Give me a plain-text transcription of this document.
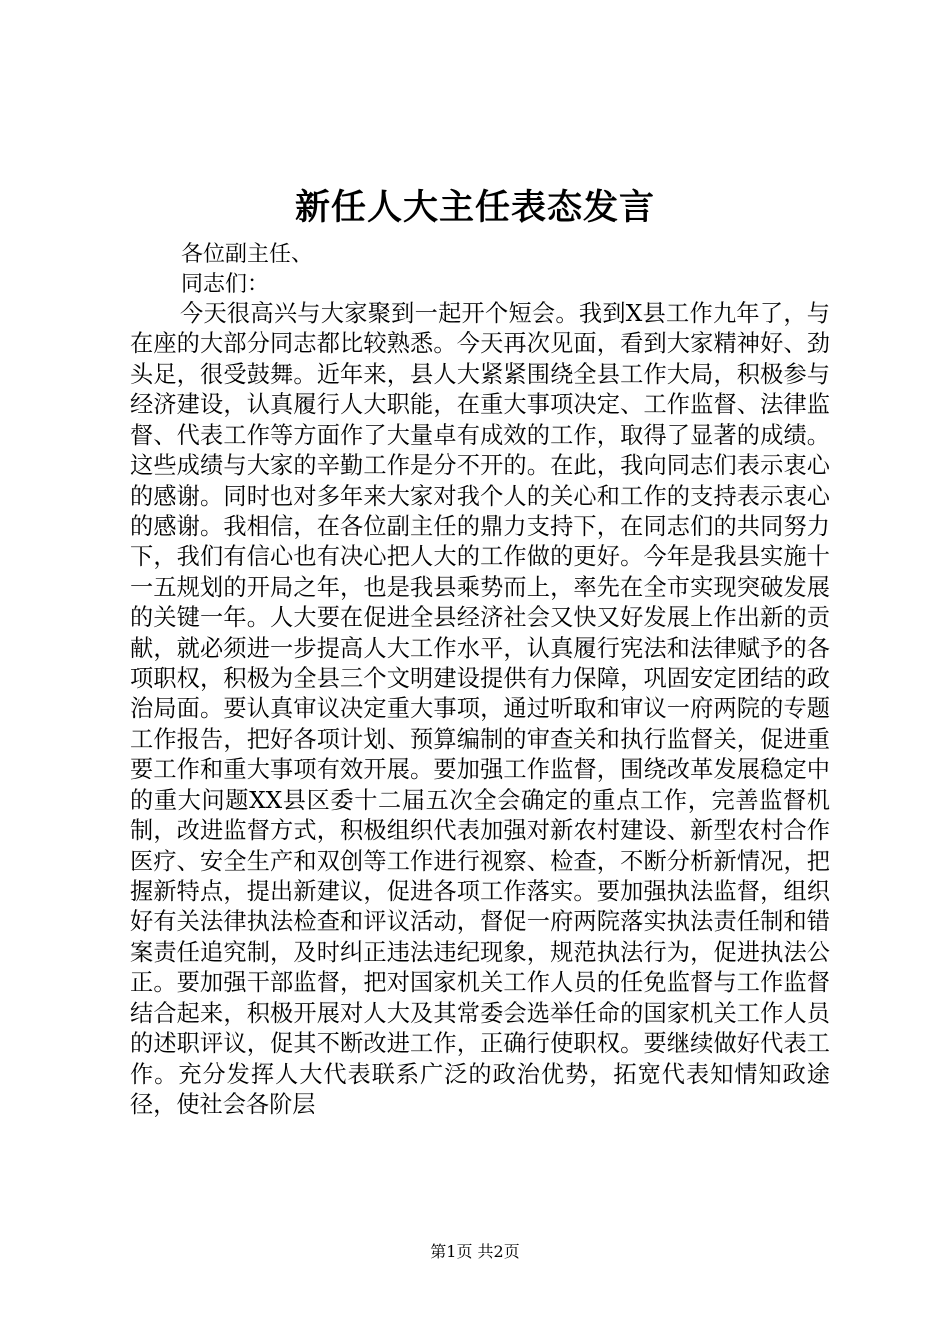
新任人大主任表态发言
各位副主任、
同志们：
今天很高兴与大家聚到一起开个短会。我到X县工作九年了，与在座的大部分同志都比较熟悉。今天再次见面，看到大家精神好、劲头足，很受鼓舞。近年来，县人大紧紧围绕全县工作大局，积极参与经济建设，认真履行人大职能，在重大事项决定、工作监督、法律监督、代表工作等方面作了大量卓有成效的工作，取得了显著的成绩。这些成绩与大家的辛勤工作是分不开的。在此，我向同志们表示衷心的感谢。同时也对多年来大家对我个人的关心和工作的支持表示衷心的感谢。我相信，在各位副主任的鼎力支持下，在同志们的共同努力下，我们有信心也有决心把人大的工作做的更好。今年是我县实施十一五规划的开局之年，也是我县乘势而上，率先在全市实现突破发展的关键一年。人大要在促进全县经济社会又快又好发展上作出新的贡献，就必须进一步提高人大工作水平，认真履行宪法和法律赋予的各项职权，积极为全县三个文明建设提供有力保障，巩固安定团结的政治局面。要认真审议决定重大事项，通过听取和审议一府两院的专题工作报告，把好各项计划、预算编制的审查关和执行监督关，促进重要工作和重大事项有效开展。要加强工作监督，围绕改革发展稳定中的重大问题XX县区委十二届五次全会确定的重点工作，完善监督机制，改进监督方式，积极组织代表加强对新农村建设、新型农村合作医疗、安全生产和双创等工作进行视察、检查，不断分析新情况，把握新特点，提出新建议，促进各项工作落实。要加强执法监督，组织好有关法律执法检查和评议活动，督促一府两院落实执法责任制和错案责任追究制，及时纠正违法违纪现象，规范执法行为，促进执法公正。要加强干部监督，把对国家机关工作人员的任免监督与工作监督结合起来，积极开展对人大及其常委会选举任命的国家机关工作人员的述职评议，促其不断改进工作，正确行使职权。要继续做好代表工作。充分发挥人大代表联系广泛的政治优势，拓宽代表知情知政途径，使社会各阶层
第1页 共2页
